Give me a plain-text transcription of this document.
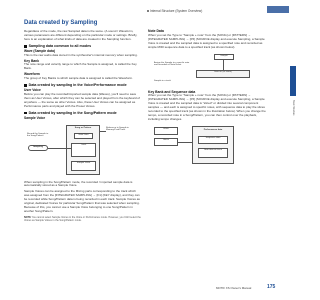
Internal Structure (System Overview)
Data created by Sampling

Regardless of the mode, the raw Sampled data is the same. (A sound / Waveform, various parameters are different depending on the particular mode or settings. Briefly, here is an explanation of what kinds of data are created in the Sampling function.

Sampling data common to all modes
Wave (Sample data)

This is the raw audio data stored in the synthesizer's internal memory when sampling.

Key Bank

The note range and velocity range to which the Sample is assigned, is called the Key Bank.

Waveform

The group of Key Banks to which sample data is assigned is called the Waveform.

Data created by sampling in the Voice/Performance mode
User Voice

Before you can play the recorded/imported sample data (Waves), you'll need to save them as User Voices, after which they can be selected and played from the keyboard of anywhere — the same as other Voices. Also, these User Voices can be assigned as Performance parts and played with the Preset Voices.

Data created by sampling in the Song/Pattern mode
Sample Voice
Song or Pattern
Note Data
Track
Sample Voice
Record the Sample to the Song/Pattern
Sampling
Reference to Sample in Memory/Card/Track

When sampling in the Song/Pattern mode, the recorded / imported sample data is automatically stored as a Sample Voice.

Sample Voices can be assigned to the Mixing parts corresponding to the track which was assigned from the [INTEGRATED SAMPLING] → [F1] (KEY display), and they can be recorded while Song/Pattern data is being recorded in each track. Sample Voices as original, dedicated Voices for particular Song/Pattern that was selected when sampling. Because of this, you cannot use a Sample Voice belonging to one Song/Pattern in another Song/Pattern.

NOTE You cannot select Sample Voices in the Voice or Performance mode. However, you CAN select the Voices as Sample Voices in the Song/Pattern mode.
Note Data

When you set the Type to "Sample + note" from the [SONG] or [PATTERN] → [INTEGRATED SAMPLING] → [F5] (SOURCE display and execute Sampling, a Sample Voice is created and the sampled data is assigned to a specified note and recorded as simple MIDI sequence data to a specified track (as shown below).

Sample
Assign the Sample to a specific note and recorded as Note Event
Note on (or event)
Sample in a track
Key Bank and Sequence data

When you set the Type to "Sample + note" from the [SONG] or [PATTERN] → [INTEGRATED SAMPLING] → [F5] (SOURCE display and execute Sampling, a Sample Voice is created and the sampled data is "sliced" or divided into several component samples — and each is assigned to specific notes, with sequence data to play the slices recorded to the specified track (as shown in the illustration below). When you change the tempo, a recorded note in a Song/Pattern, you can then control over the playback, including tempo changes.

Wave
Slices
Performance data
Sequence data
Note data on track
Basic Structure
MOTIF XS Owner's Manual	175
